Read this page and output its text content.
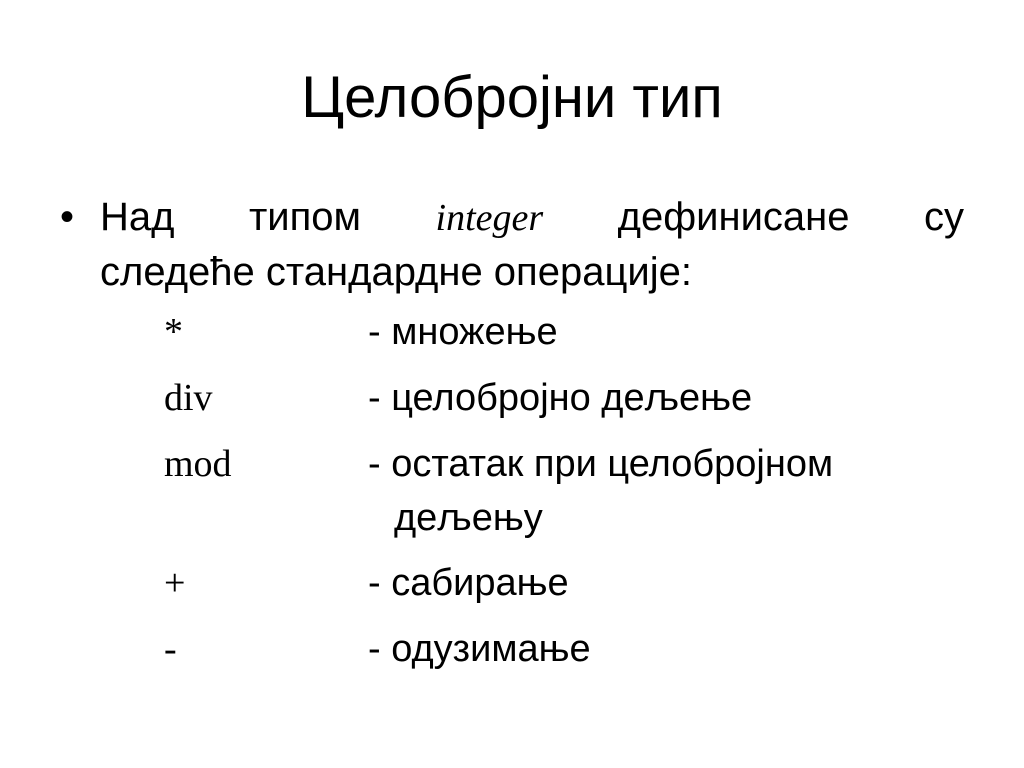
Целобројни тип
• Над типом integer дефинисане су
следеће стандардне операције:
*	- множење
div	- целобројно дељење
mod	- остатак при целобројном
дељењу
+	- сабирање
-	- одузимање
